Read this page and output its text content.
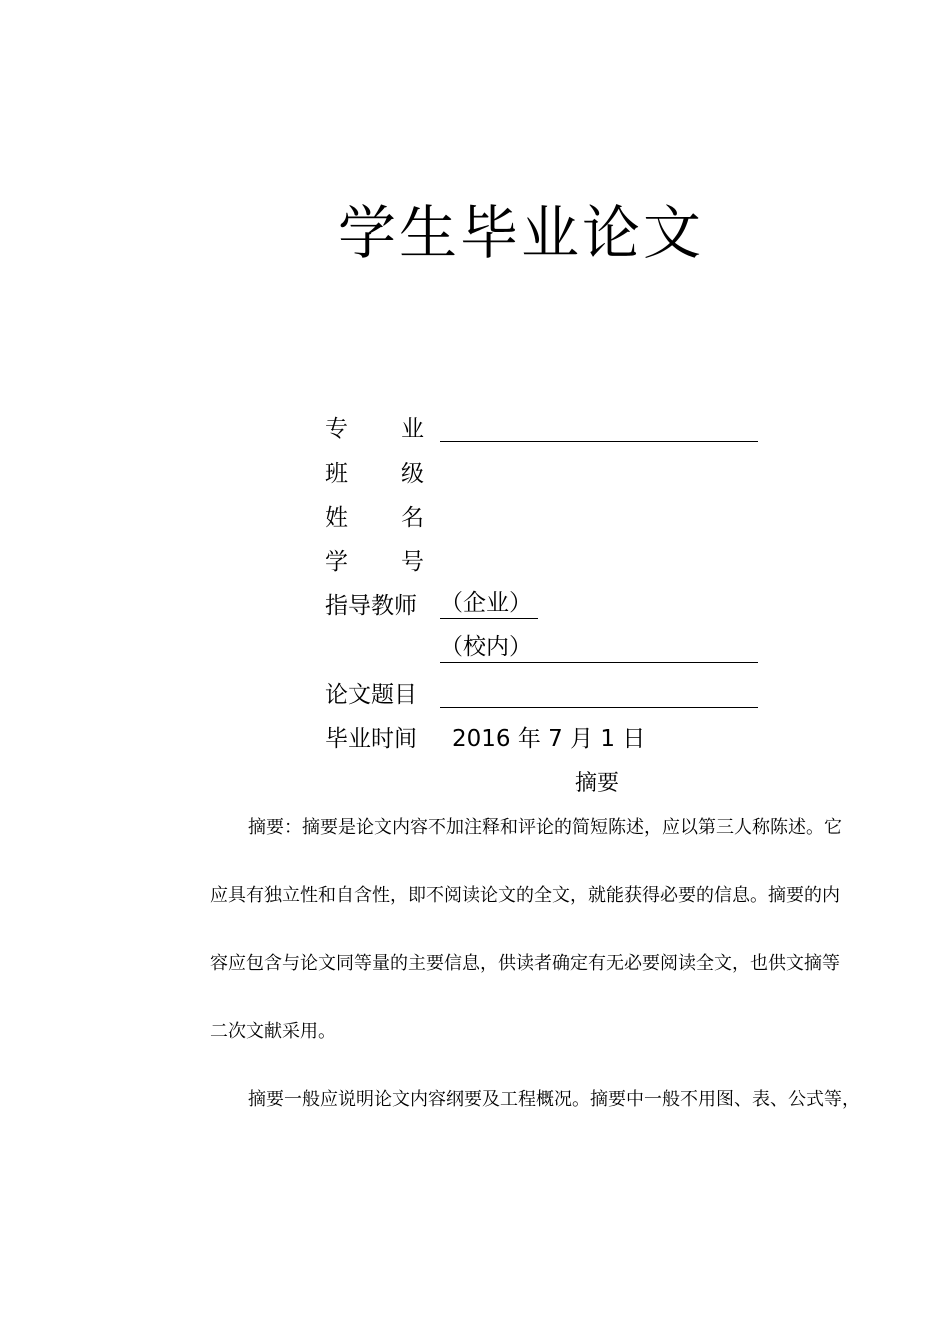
学生毕业论文
专 业
班 级
姓 名
学 号
指导教师	（企业）
（校内）
论文题目
毕业时间	2016 年 7 月 1 日
摘要

摘要：摘要是论文内容不加注释和评论的简短陈述，应以第三人称陈述。它

应具有独立性和自含性，即不阅读论文的全文，就能获得必要的信息。摘要的内

容应包含与论文同等量的主要信息，供读者确定有无必要阅读全文，也供文摘等

二次文献采用。

摘要一般应说明论文内容纲要及工程概况。摘要中一般不用图、表、公式等，
